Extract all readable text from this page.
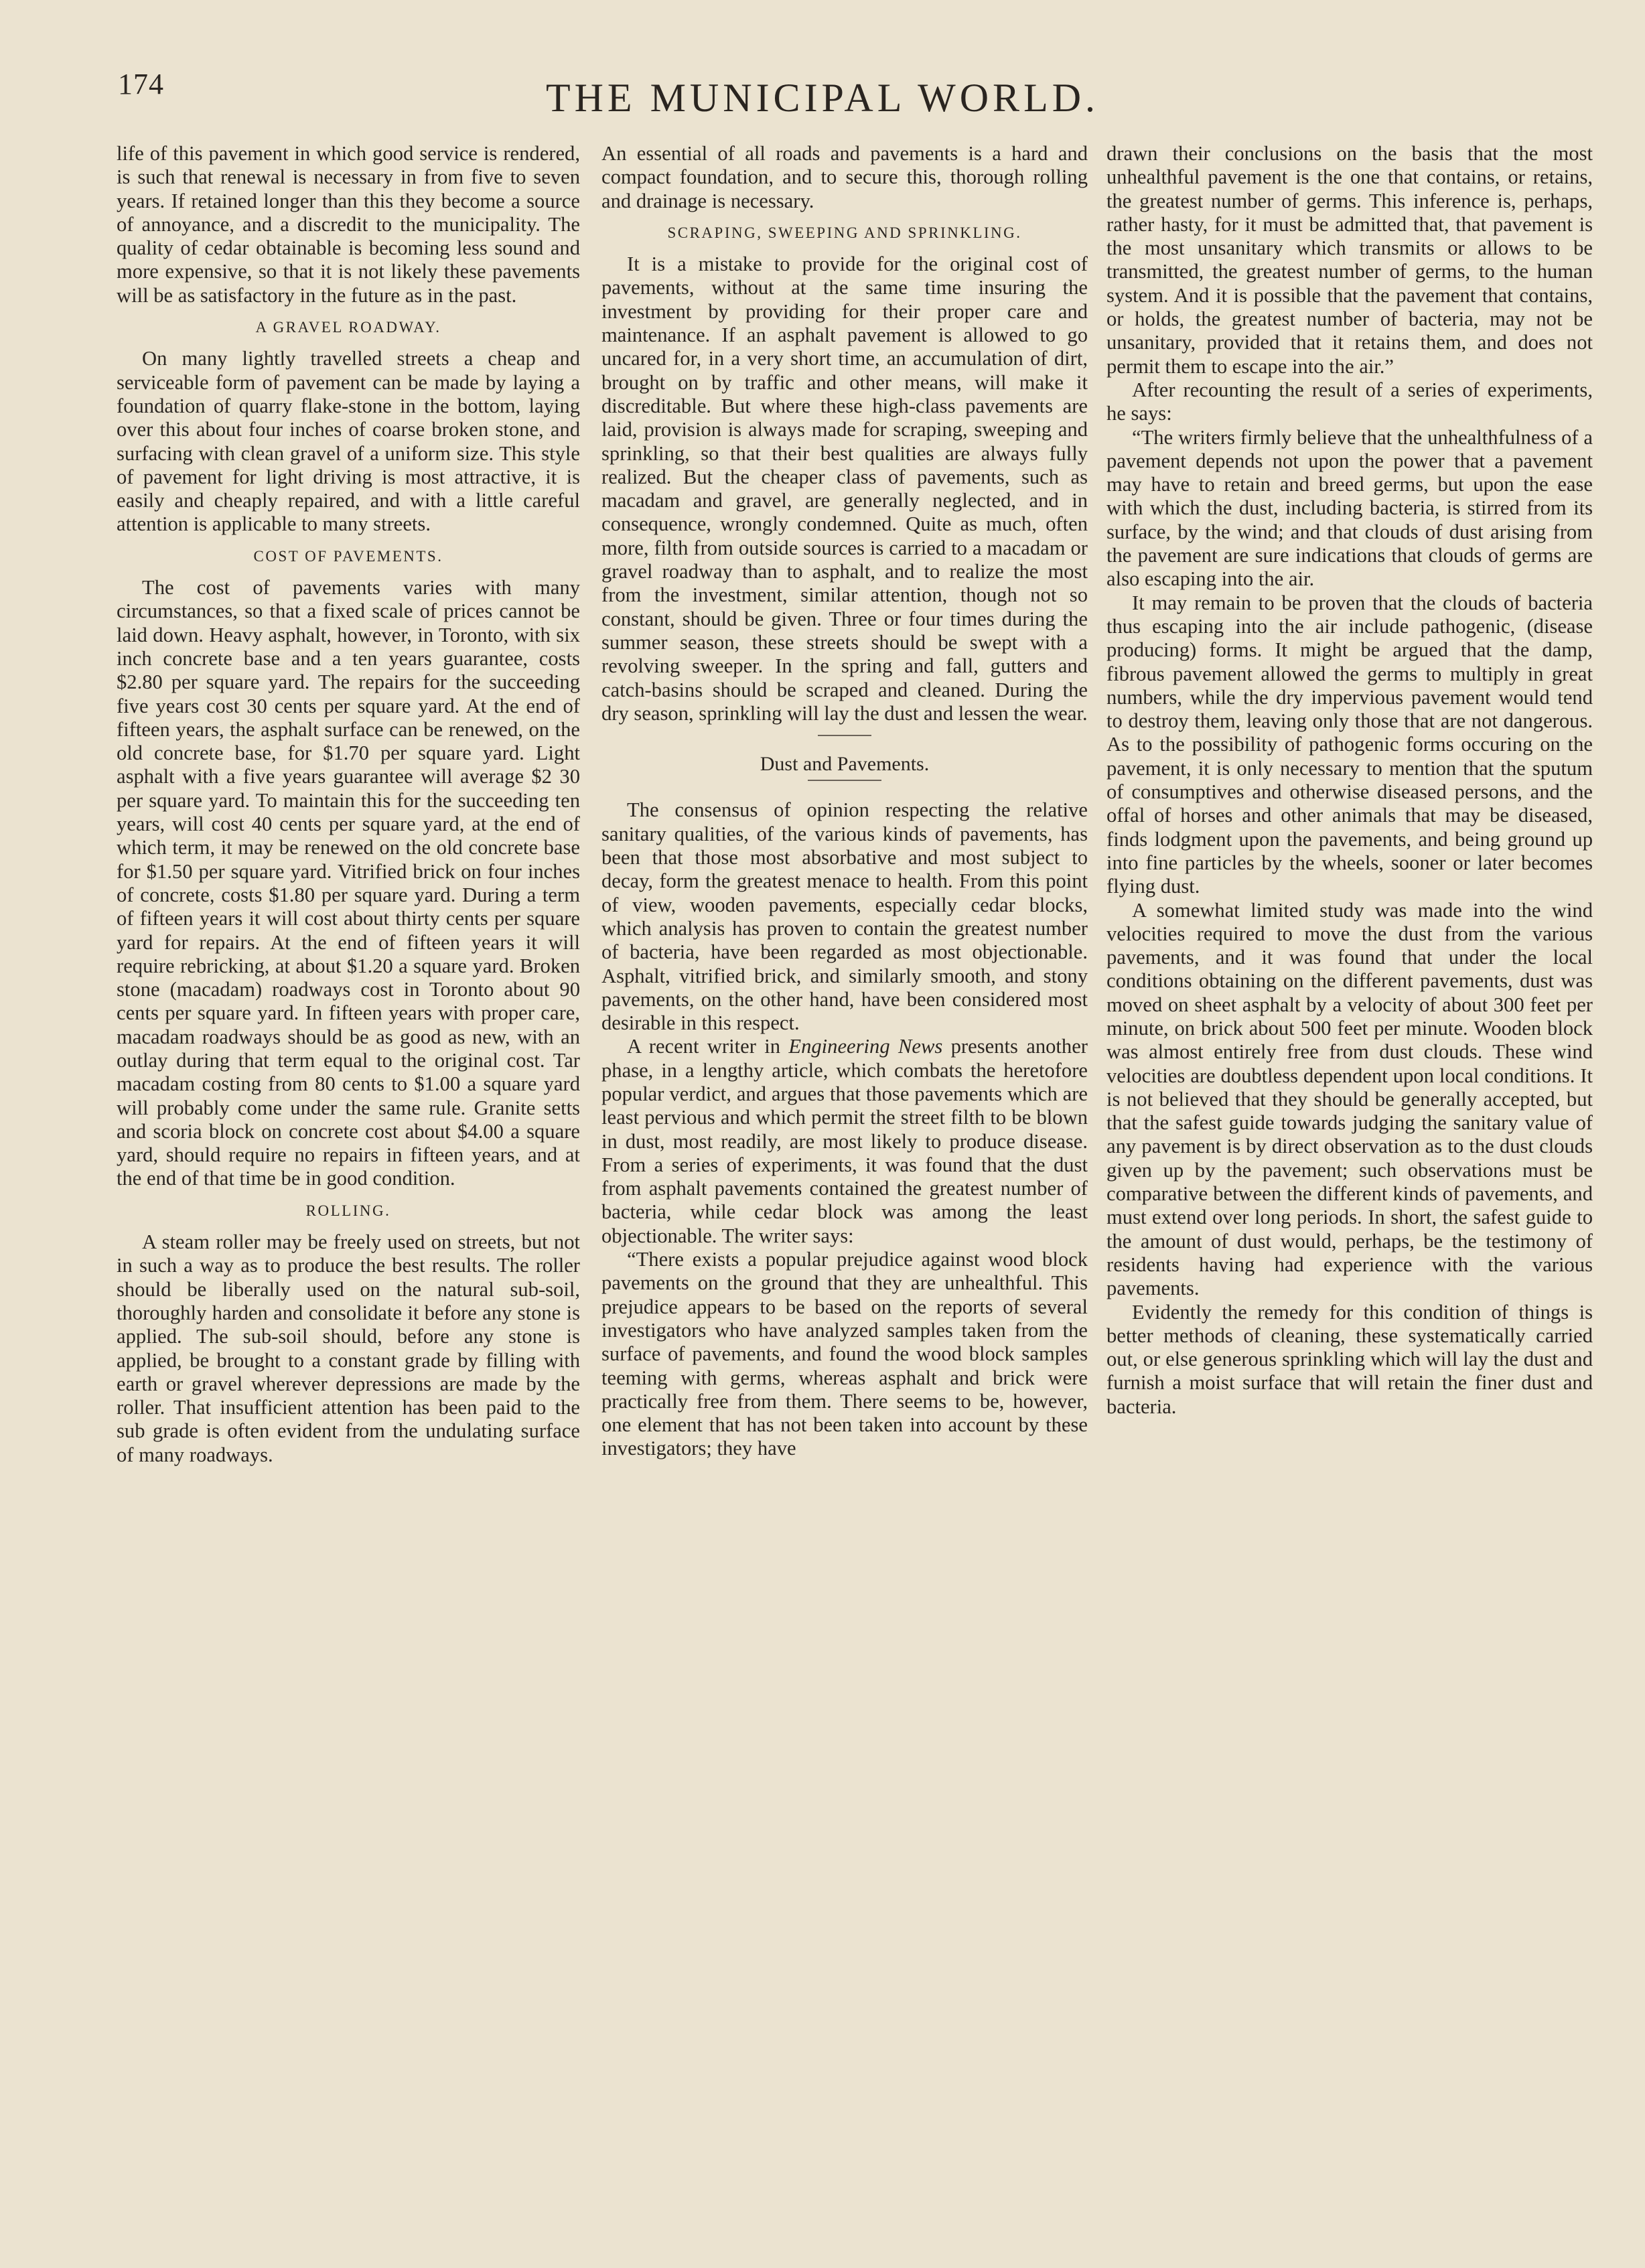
174	THE MUNICIPAL WORLD.

life of this pavement in which good service is rendered, is such that renewal is necessary in from five to seven years. If retained longer than this they become a source of annoyance, and a discredit to the municipality. The quality of cedar obtainable is becoming less sound and more expensive, so that it is not likely these pavements will be as satisfactory in the future as in the past.

A GRAVEL ROADWAY.

On many lightly travelled streets a cheap and serviceable form of pavement can be made by laying a foundation of quarry flake-stone in the bottom, laying over this about four inches of coarse broken stone, and surfacing with clean gravel of a uniform size. This style of pavement for light driving is most attractive, it is easily and cheaply repaired, and with a little careful attention is applicable to many streets.

COST OF PAVEMENTS.

The cost of pavements varies with many circumstances, so that a fixed scale of prices cannot be laid down. Heavy asphalt, however, in Toronto, with six inch concrete base and a ten years guarantee, costs $2.80 per square yard. The repairs for the succeeding five years cost 30 cents per square yard. At the end of fifteen years, the asphalt surface can be renewed, on the old concrete base, for $1.70 per square yard. Light asphalt with a five years guarantee will average $2 30 per square yard. To maintain this for the succeeding ten years, will cost 40 cents per square yard, at the end of which term, it may be renewed on the old concrete base for $1.50 per square yard. Vitrified brick on four inches of concrete, costs $1.80 per square yard. During a term of fifteen years it will cost about thirty cents per square yard for repairs. At the end of fifteen years it will require rebricking, at about $1.20 a square yard. Broken stone (macadam) roadways cost in Toronto about 90 cents per square yard. In fifteen years with proper care, macadam roadways should be as good as new, with an outlay during that term equal to the original cost. Tar macadam costing from 80 cents to $1.00 a square yard will probably come under the same rule. Granite setts and scoria block on concrete cost about $4.00 a square yard, should require no repairs in fifteen years, and at the end of that time be in good condition.

ROLLING.

A steam roller may be freely used on streets, but not in such a way as to produce the best results. The roller should be liberally used on the natural sub-soil, thoroughly harden and consolidate it before any stone is applied. The sub-soil should, before any stone is applied, be brought to a constant grade by filling with earth or gravel wherever depressions are made by the roller. That insufficient attention has been paid to the sub grade is often evident from the undulating surface of many roadways.

An essential of all roads and pavements is a hard and compact foundation, and to secure this, thorough rolling and drainage is necessary.

SCRAPING, SWEEPING AND SPRINKLING.

It is a mistake to provide for the original cost of pavements, without at the same time insuring the investment by providing for their proper care and maintenance. If an asphalt pavement is allowed to go uncared for, in a very short time, an accumulation of dirt, brought on by traffic and other means, will make it discreditable. But where these high-class pavements are laid, provision is always made for scraping, sweeping and sprinkling, so that their best qualities are always fully realized. But the cheaper class of pavements, such as macadam and gravel, are generally neglected, and in consequence, wrongly condemned. Quite as much, often more, filth from outside sources is carried to a macadam or gravel roadway than to asphalt, and to realize the most from the investment, similar attention, though not so constant, should be given. Three or four times during the summer season, these streets should be swept with a revolving sweeper. In the spring and fall, gutters and catch-basins should be scraped and cleaned. During the dry season, sprinkling will lay the dust and lessen the wear.

Dust and Pavements.

The consensus of opinion respecting the relative sanitary qualities, of the various kinds of pavements, has been that those most absorbative and most subject to decay, form the greatest menace to health. From this point of view, wooden pavements, especially cedar blocks, which analysis has proven to contain the greatest number of bacteria, have been regarded as most objectionable. Asphalt, vitrified brick, and similarly smooth, and stony pavements, on the other hand, have been considered most desirable in this respect.

A recent writer in Engineering News presents another phase, in a lengthy article, which combats the heretofore popular verdict, and argues that those pavements which are least pervious and which permit the street filth to be blown in dust, most readily, are most likely to produce disease. From a series of experiments, it was found that the dust from asphalt pavements contained the greatest number of bacteria, while cedar block was among the least objectionable. The writer says:

“There exists a popular prejudice against wood block pavements on the ground that they are unhealthful. This prejudice appears to be based on the reports of several investigators who have analyzed samples taken from the surface of pavements, and found the wood block samples teeming with germs, whereas asphalt and brick were practically free from them. There seems to be, however, one element that has not been taken into account by these investigators; they have

drawn their conclusions on the basis that the most unhealthful pavement is the one that contains, or retains, the greatest number of germs. This inference is, perhaps, rather hasty, for it must be admitted that, that pavement is the most unsanitary which transmits or allows to be transmitted, the greatest number of germs, to the human system. And it is possible that the pavement that contains, or holds, the greatest number of bacteria, may not be unsanitary, provided that it retains them, and does not permit them to escape into the air.”

After recounting the result of a series of experiments, he says:

“The writers firmly believe that the unhealthfulness of a pavement depends not upon the power that a pavement may have to retain and breed germs, but upon the ease with which the dust, including bacteria, is stirred from its surface, by the wind; and that clouds of dust arising from the pavement are sure indications that clouds of germs are also escaping into the air.

It may remain to be proven that the clouds of bacteria thus escaping into the air include pathogenic, (disease producing) forms. It might be argued that the damp, fibrous pavement allowed the germs to multiply in great numbers, while the dry impervious pavement would tend to destroy them, leaving only those that are not dangerous. As to the possibility of pathogenic forms occuring on the pavement, it is only necessary to mention that the sputum of consumptives and otherwise diseased persons, and the offal of horses and other animals that may be diseased, finds lodgment upon the pavements, and being ground up into fine particles by the wheels, sooner or later becomes flying dust.

A somewhat limited study was made into the wind velocities required to move the dust from the various pavements, and it was found that under the local conditions obtaining on the different pavements, dust was moved on sheet asphalt by a velocity of about 300 feet per minute, on brick about 500 feet per minute. Wooden block was almost entirely free from dust clouds. These wind velocities are doubtless dependent upon local conditions. It is not believed that they should be generally accepted, but that the safest guide towards judging the sanitary value of any pavement is by direct observation as to the dust clouds given up by the pavement; such observations must be comparative between the different kinds of pavements, and must extend over long periods. In short, the safest guide to the amount of dust would, perhaps, be the testimony of residents having had experience with the various pavements.

Evidently the remedy for this condition of things is better methods of cleaning, these systematically carried out, or else generous sprinkling which will lay the dust and furnish a moist surface that will retain the finer dust and bacteria.
